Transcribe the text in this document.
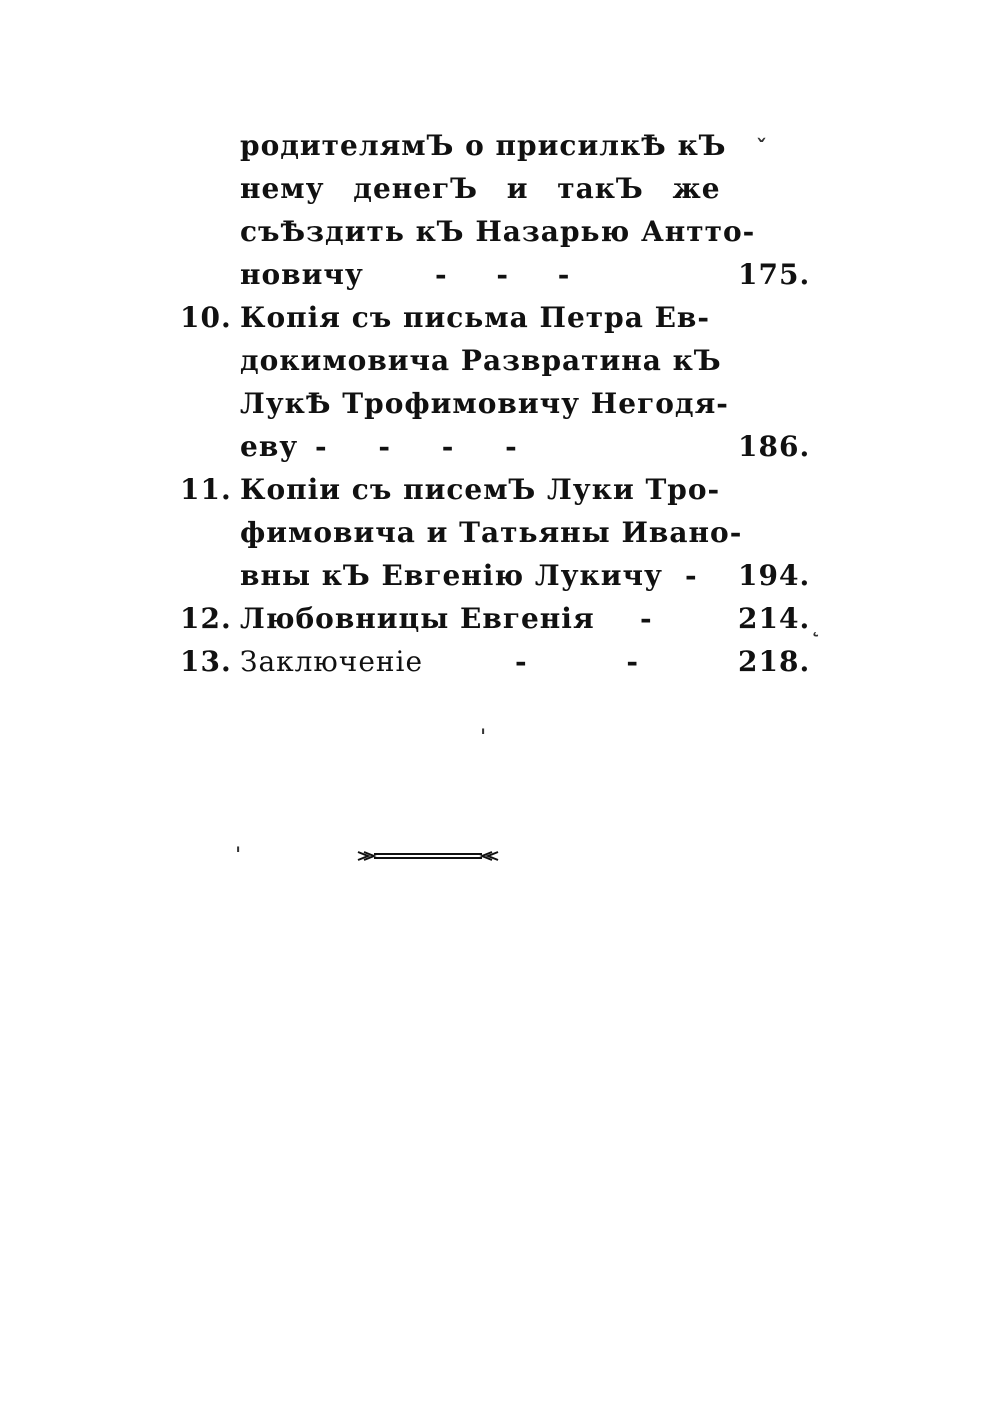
родителямЪ о присилкѢ кЪ
нему денегЪ и такЪ же
съѢздить кЪ Назарью Антто-
новичу	- - -	175.
10. Копiя съ письма Петра Ев-
докимовича Развратина кЪ
ЛукѢ Трофимовичу Негодя-
еву - - - -	186.
11. Копiи съ писемЪ Луки Тро-
фимовича и Татьяны Ивано-
вны кЪ Евгенiю Лукичу -	194.
12. Любовницы Евгенiя -	214.
13. Заключенiе	- -	218.
ˇ
˛
ˌ
ˌ
